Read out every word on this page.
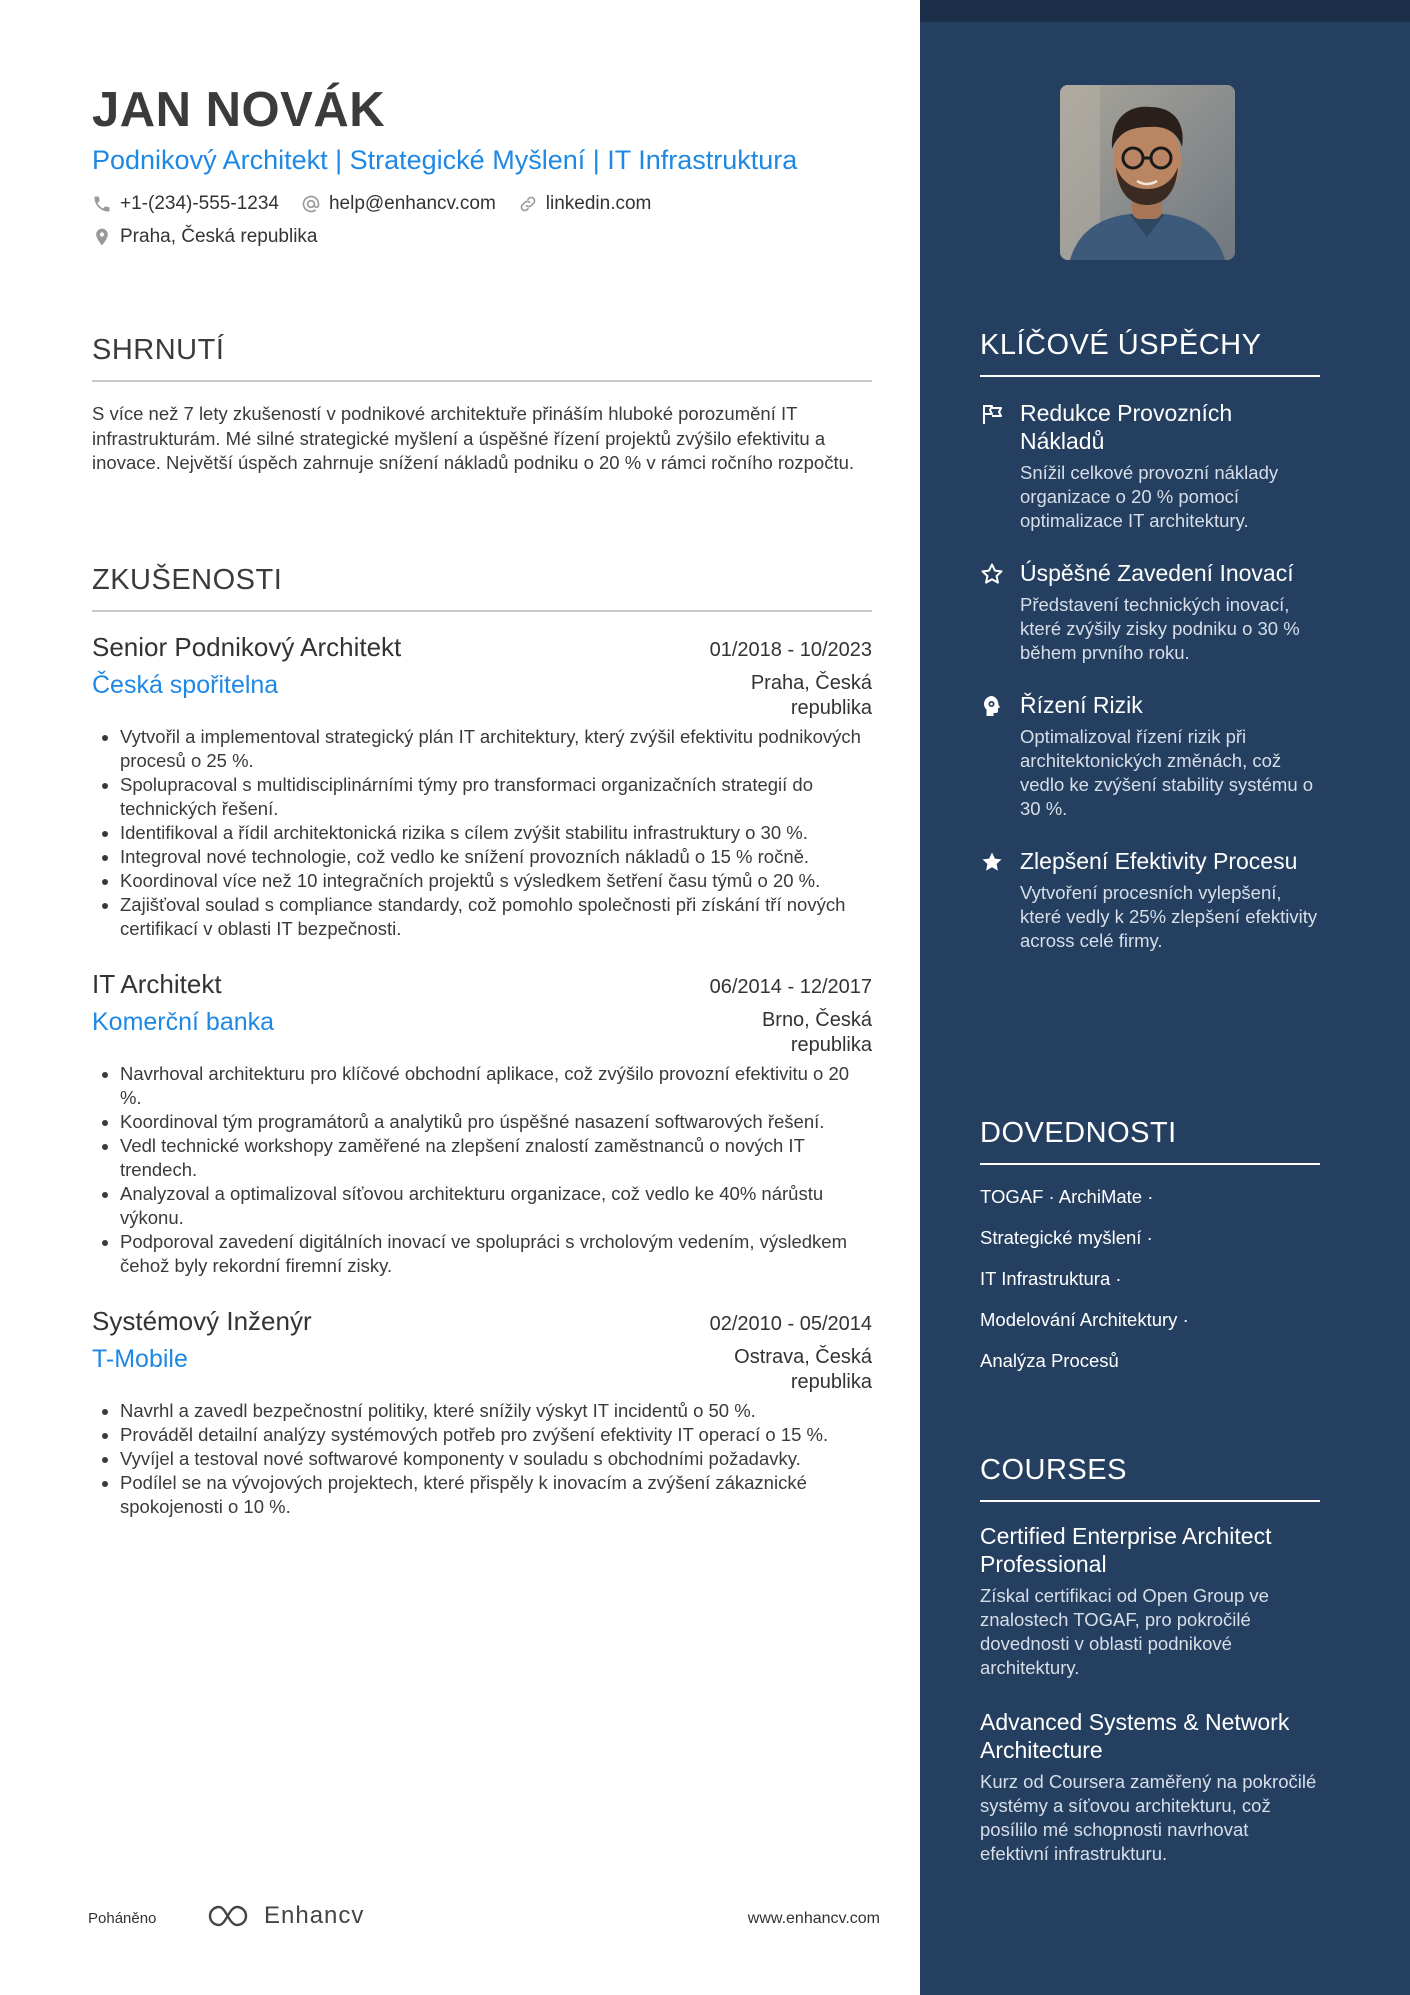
JAN NOVÁK
Podnikový Architekt | Strategické Myšlení | IT Infrastruktura
+1-(234)-555-1234	help@enhancv.com	linkedin.com
Praha, Česká republika
SHRNUTÍ
S více než 7 lety zkušeností v podnikové architektuře přináším hluboké porozumění IT infrastrukturám. Mé silné strategické myšlení a úspěšné řízení projektů zvýšilo efektivitu a inovace. Největší úspěch zahrnuje snížení nákladů podniku o 20 % v rámci ročního rozpočtu.
ZKUŠENOSTI
Senior Podnikový Architekt	01/2018 - 10/2023
Česká spořitelna	Praha, Česká republika
• Vytvořil a implementoval strategický plán IT architektury, který zvýšil efektivitu podnikových procesů o 25 %.
• Spolupracoval s multidisciplinárními týmy pro transformaci organizačních strategií do technických řešení.
• Identifikoval a řídil architektonická rizika s cílem zvýšit stabilitu infrastruktury o 30 %.
• Integroval nové technologie, což vedlo ke snížení provozních nákladů o 15 % ročně.
• Koordinoval více než 10 integračních projektů s výsledkem šetření času týmů o 20 %.
• Zajišťoval soulad s compliance standardy, což pomohlo společnosti při získání tří nových certifikací v oblasti IT bezpečnosti.
IT Architekt	06/2014 - 12/2017
Komerční banka	Brno, Česká republika
• Navrhoval architekturu pro klíčové obchodní aplikace, což zvýšilo provozní efektivitu o 20 %.
• Koordinoval tým programátorů a analytiků pro úspěšné nasazení softwarových řešení.
• Vedl technické workshopy zaměřené na zlepšení znalostí zaměstnanců o nových IT trendech.
• Analyzoval a optimalizoval síťovou architekturu organizace, což vedlo ke 40% nárůstu výkonu.
• Podporoval zavedení digitálních inovací ve spolupráci s vrcholovým vedením, výsledkem čehož byly rekordní firemní zisky.
Systémový Inženýr	02/2010 - 05/2014
T-Mobile	Ostrava, Česká republika
• Navrhl a zavedl bezpečnostní politiky, které snížily výskyt IT incidentů o 50 %.
• Prováděl detailní analýzy systémových potřeb pro zvýšení efektivity IT operací o 15 %.
• Vyvíjel a testoval nové softwarové komponenty v souladu s obchodními požadavky.
• Podílel se na vývojových projektech, které přispěly k inovacím a zvýšení zákaznické spokojenosti o 10 %.
Poháněno	Enhancv	www.enhancv.com
KLÍČOVÉ ÚSPĚCHY
Redukce Provozních Nákladů
Snížil celkové provozní náklady organizace o 20 % pomocí optimalizace IT architektury.
Úspěšné Zavedení Inovací
Představení technických inovací, které zvýšily zisky podniku o 30 % během prvního roku.
Řízení Rizik
Optimalizoval řízení rizik při architektonických změnách, což vedlo ke zvýšení stability systému o 30 %.
Zlepšení Efektivity Procesu
Vytvoření procesních vylepšení, které vedly k 25% zlepšení efektivity across celé firmy.
DOVEDNOSTI
TOGAF · ArchiMate ·
Strategické myšlení ·
IT Infrastruktura ·
Modelování Architektury ·
Analýza Procesů
COURSES
Certified Enterprise Architect Professional
Získal certifikaci od Open Group ve znalostech TOGAF, pro pokročilé dovednosti v oblasti podnikové architektury.
Advanced Systems & Network Architecture
Kurz od Coursera zaměřený na pokročilé systémy a síťovou architekturu, což posílilo mé schopnosti navrhovat efektivní infrastrukturu.
